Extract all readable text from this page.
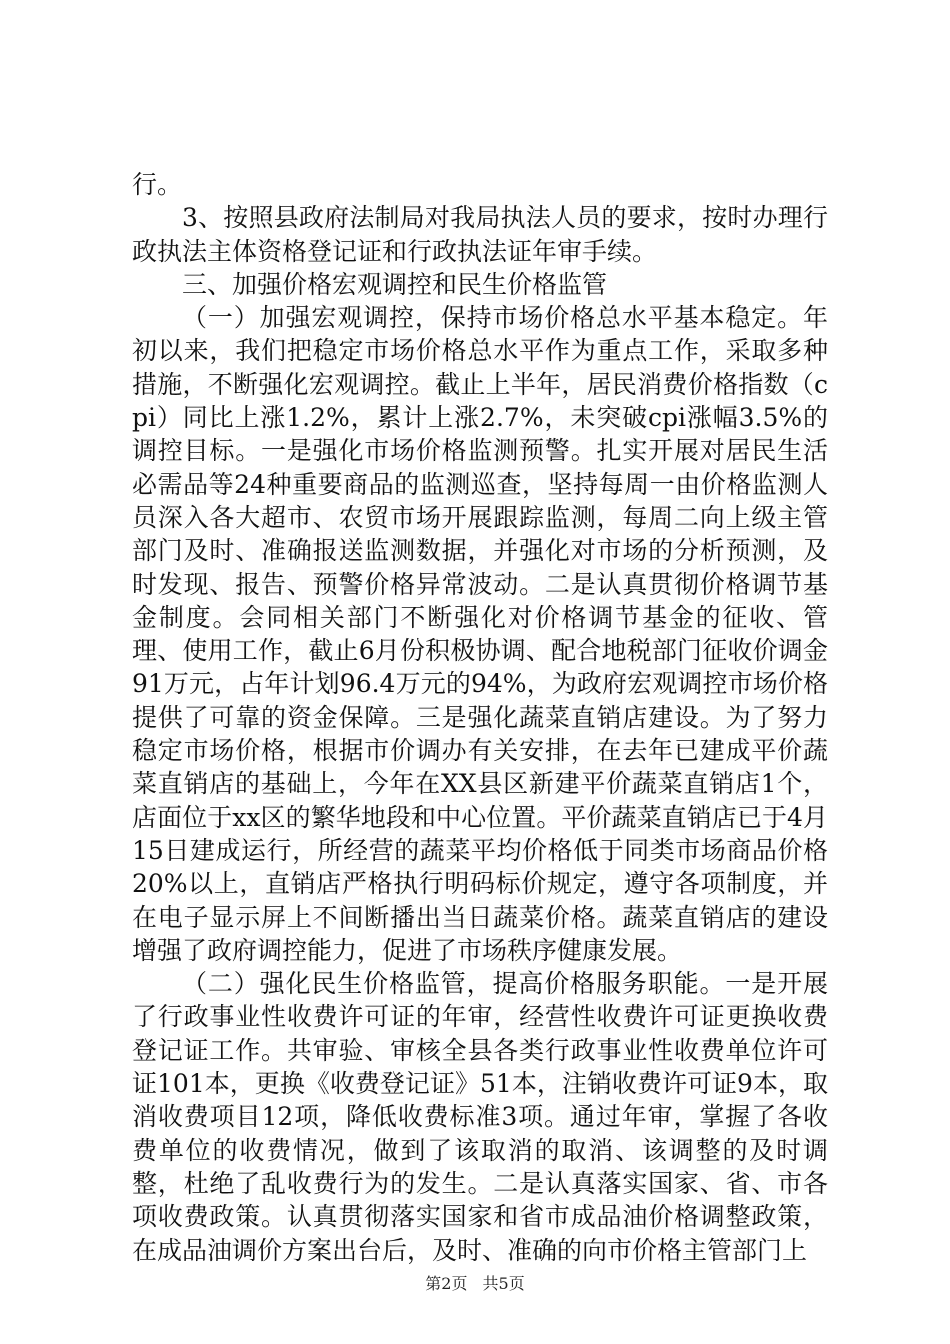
行。

3、按照县政府法制局对我局执法人员的要求，按时办理行政执法主体资格登记证和行政执法证年审手续。

三、加强价格宏观调控和民生价格监管

（一）加强宏观调控，保持市场价格总水平基本稳定。年初以来，我们把稳定市场价格总水平作为重点工作，采取多种措施，不断强化宏观调控。截止上半年，居民消费价格指数（cpi）同比上涨1.2%，累计上涨2.7%，未突破cpi涨幅3.5%的调控目标。一是强化市场价格监测预警。扎实开展对居民生活必需品等24种重要商品的监测巡查，坚持每周一由价格监测人员深入各大超市、农贸市场开展跟踪监测，每周二向上级主管部门及时、准确报送监测数据，并强化对市场的分析预测，及时发现、报告、预警价格异常波动。二是认真贯彻价格调节基金制度。会同相关部门不断强化对价格调节基金的征收、管理、使用工作，截止6月份积极协调、配合地税部门征收价调金91万元，占年计划96.4万元的94%，为政府宏观调控市场价格提供了可靠的资金保障。三是强化蔬菜直销店建设。为了努力稳定市场价格，根据市价调办有关安排，在去年已建成平价蔬菜直销店的基础上，今年在XX县区新建平价蔬菜直销店1个，店面位于xx区的繁华地段和中心位置。平价蔬菜直销店已于4月15日建成运行，所经营的蔬菜平均价格低于同类市场商品价格20%以上，直销店严格执行明码标价规定，遵守各项制度，并在电子显示屏上不间断播出当日蔬菜价格。蔬菜直销店的建设增强了政府调控能力，促进了市场秩序健康发展。

（二）强化民生价格监管，提高价格服务职能。一是开展了行政事业性收费许可证的年审，经营性收费许可证更换收费登记证工作。共审验、审核全县各类行政事业性收费单位许可证101本，更换《收费登记证》51本，注销收费许可证9本，取消收费项目12项，降低收费标准3项。通过年审，掌握了各收费单位的收费情况，做到了该取消的取消、该调整的及时调整，杜绝了乱收费行为的发生。二是认真落实国家、省、市各项收费政策。认真贯彻落实国家和省市成品油价格调整政策，在成品油调价方案出台后，及时、准确的向市价格主管部门上

第2页 共5页
